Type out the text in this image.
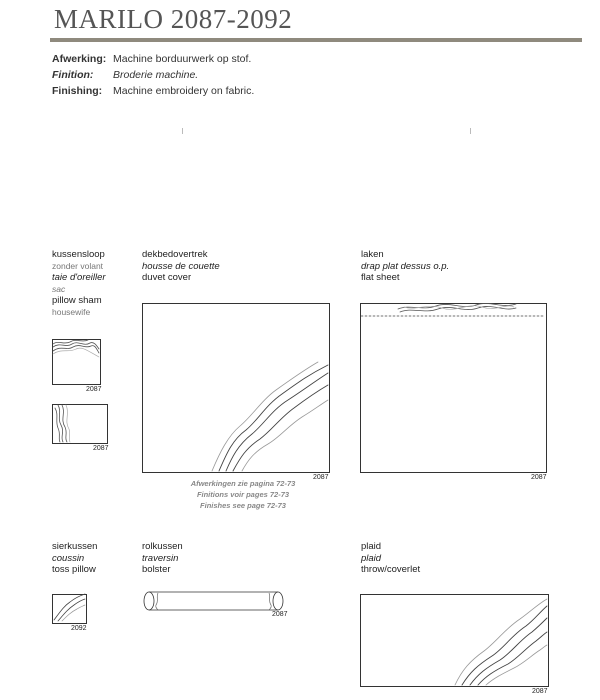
MARILO 2087-2092
Afwerking: Machine borduurwerk op stof.
Finition: Broderie machine.
Finishing: Machine embroidery on fabric.
kussensloop
zonder volant
taie d'oreiller
sac
pillow sham
housewife
dekbedovertrek
housse de couette
duvet cover
laken
drap plat dessus o.p.
flat sheet
2087
2087
2087
Afwerkingen zie pagina 72-73
Finitions voir pages 72-73
Finishes see page 72-73
2087
sierkussen
coussin
toss pillow
rolkussen
traversin
bolster
plaid
plaid
throw/coverlet
2092
2087
2087
